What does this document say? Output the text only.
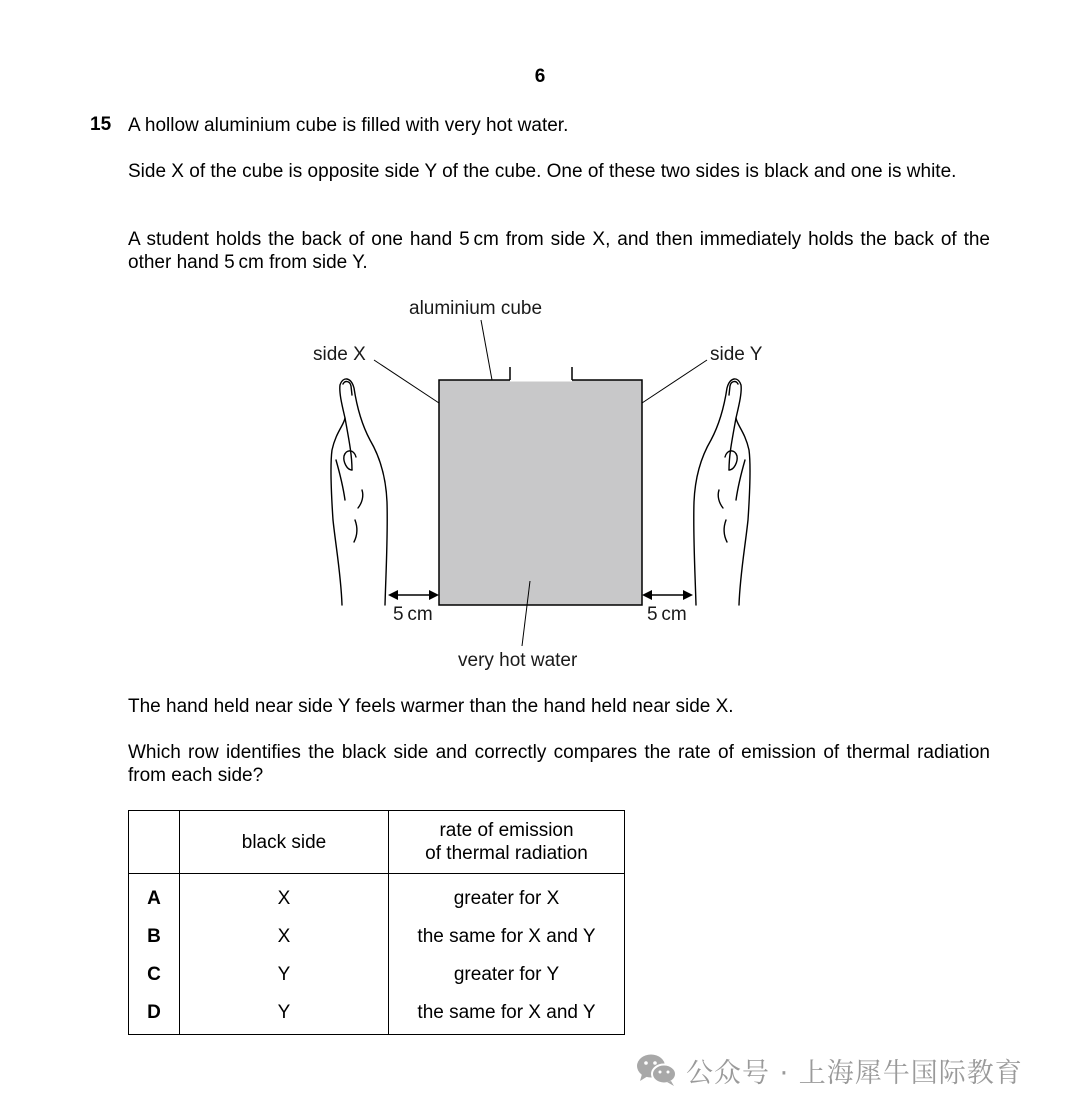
6
15 A hollow aluminium cube is filled with very hot water.

Side X of the cube is opposite side Y of the cube. One of these two sides is black and one is white.

A student holds the back of one hand 5 cm from side X, and then immediately holds the back of the other hand 5 cm from side Y.

aluminium cube
side X	side Y
very hot water
5 cm	5 cm

The hand held near side Y feels warmer than the hand held near side X.

Which row identifies the black side and correctly compares the rate of emission of thermal radiation from each side?

	black side	rate of emission
of thermal radiation
A	X	greater for X
B	X	the same for X and Y
C	Y	greater for Y
D	Y	the same for X and Y
公众号 · 上海犀牛国际教育
